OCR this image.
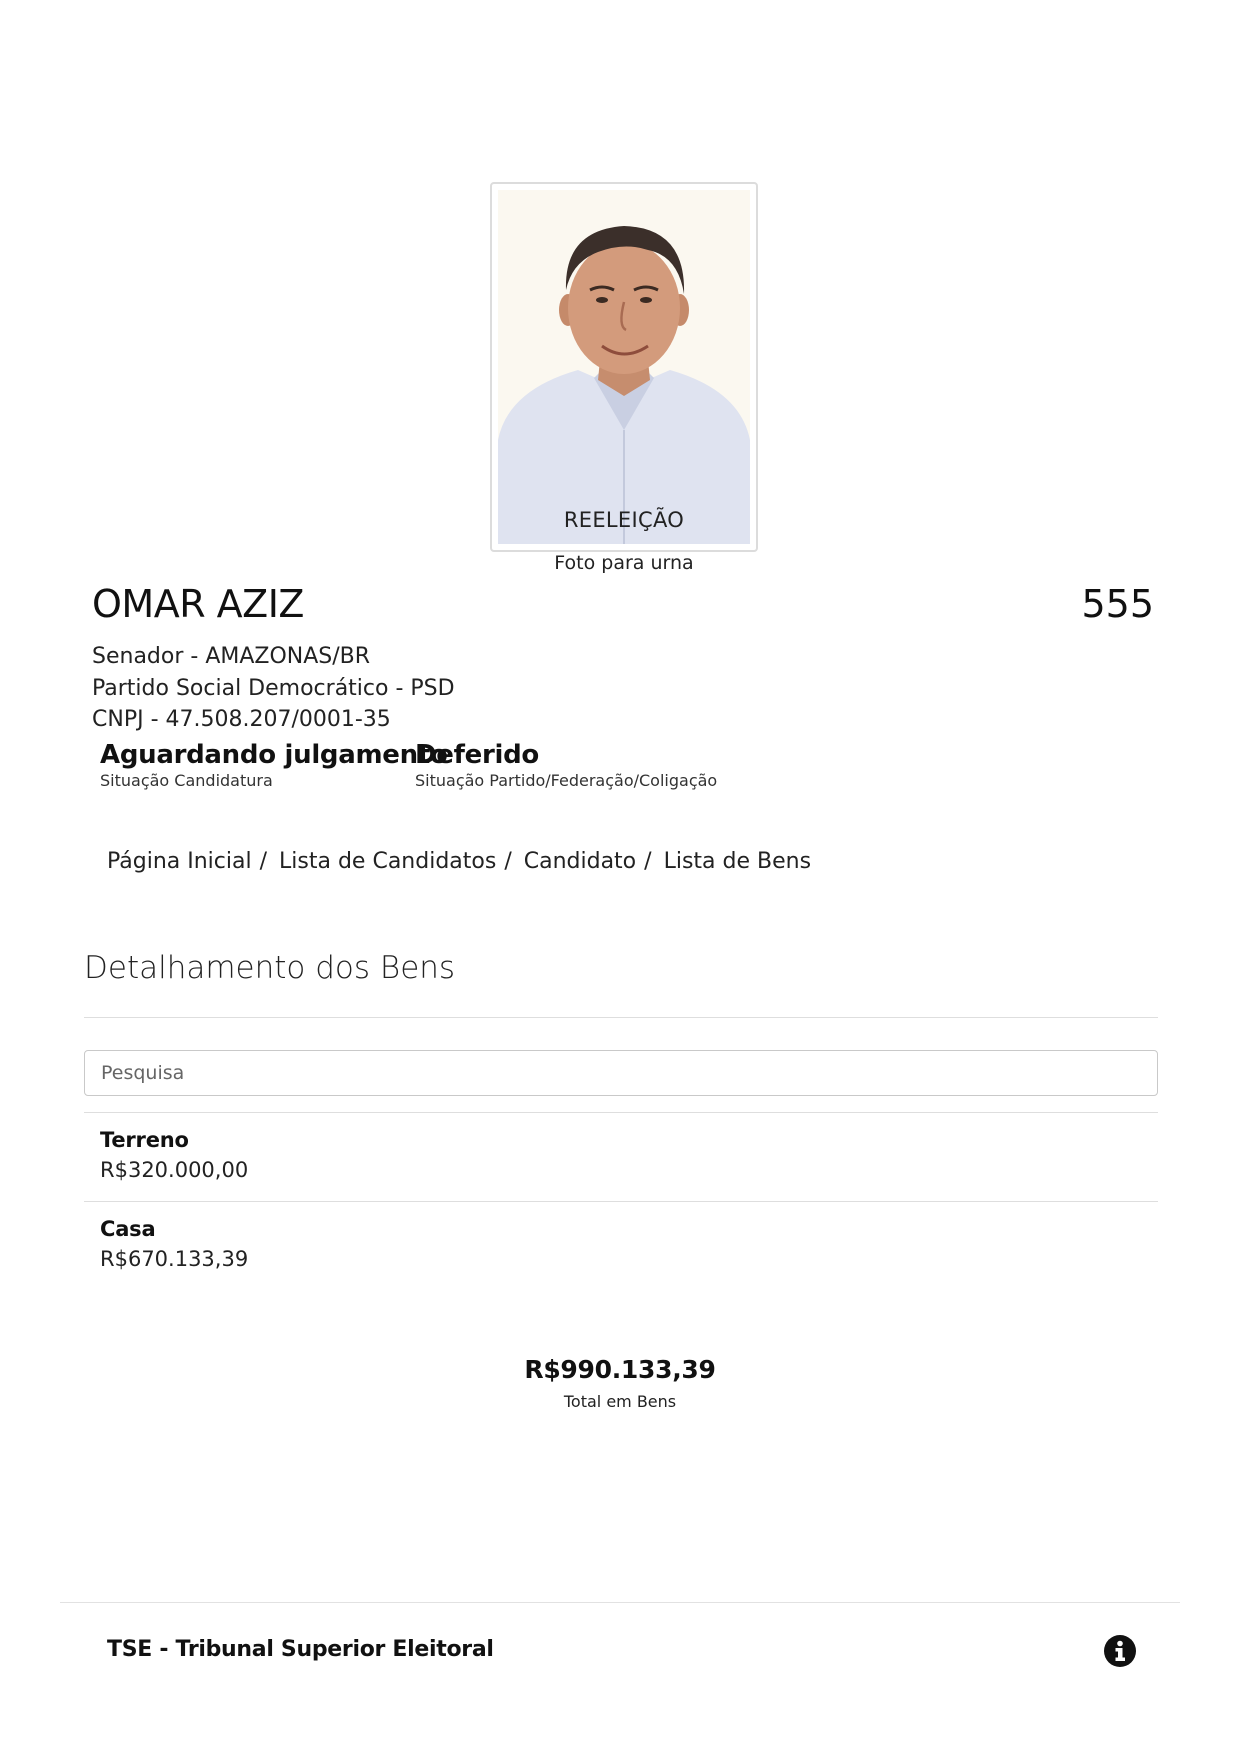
REELEIÇÃO
Foto para urna
OMAR AZIZ	555
Senador - AMAZONAS/BR
Partido Social Democrático - PSD
CNPJ - 47.508.207/0001-35
Aguardando julgamento
Situação Candidatura
Deferido
Situação Partido/Federação/Coligação
Página Inicial / Lista de Candidatos / Candidato / Lista de Bens
Detalhamento dos Bens
Pesquisa
Terreno
R$320.000,00
Casa
R$670.133,39
R$990.133,39
Total em Bens
TSE - Tribunal Superior Eleitoral
